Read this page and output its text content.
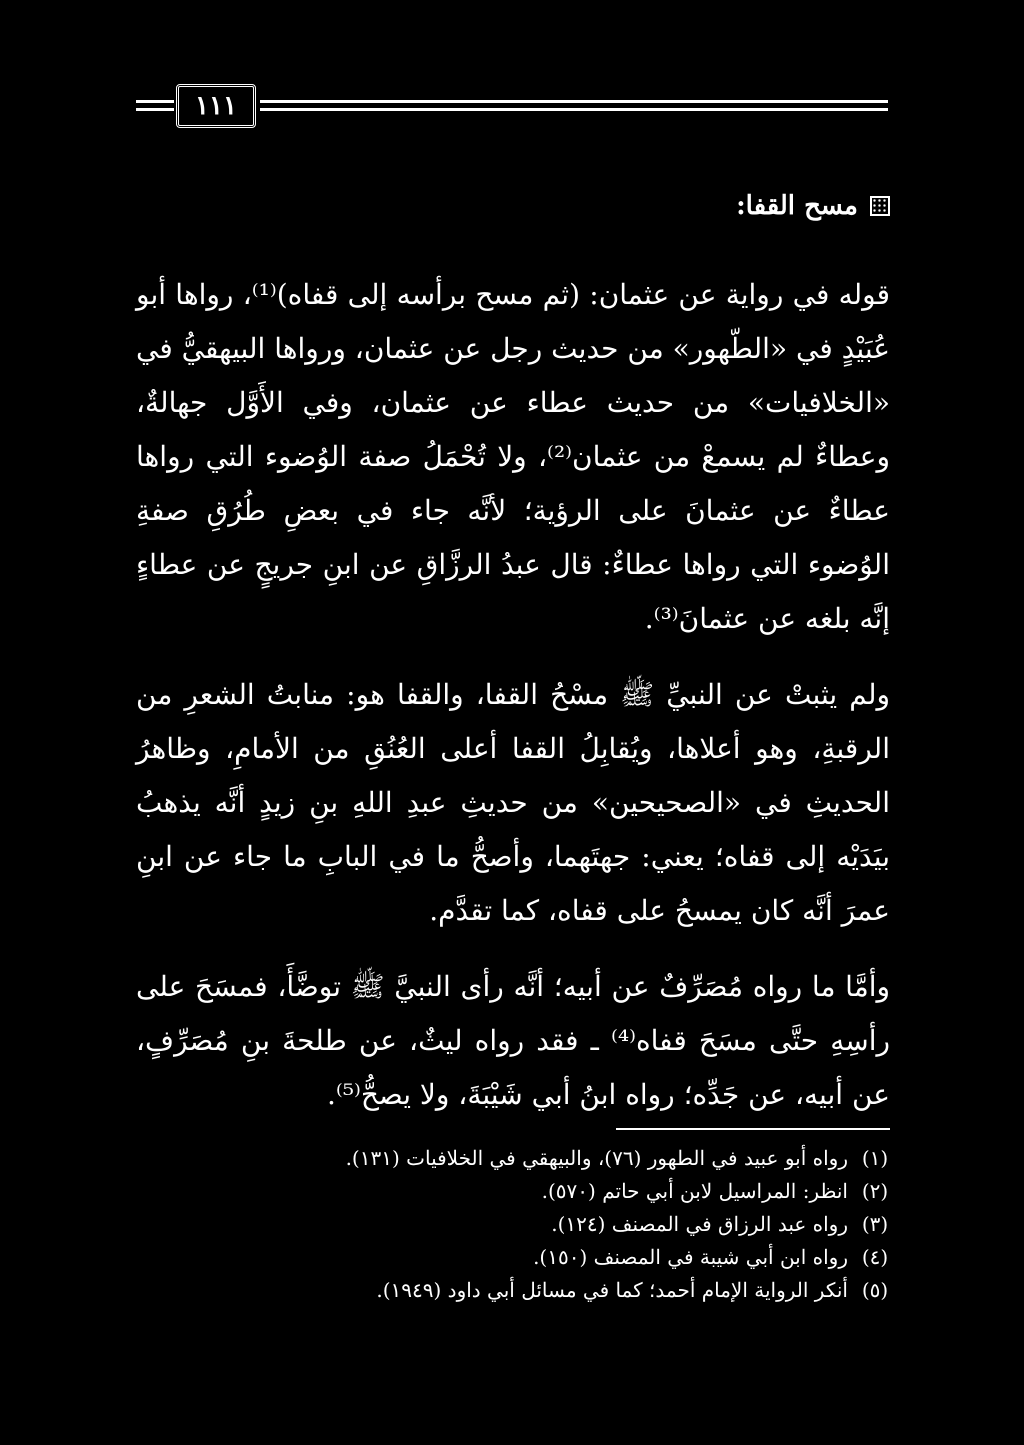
١١١
مسح القفا:

قوله في رواية عن عثمان: (ثم مسح برأسه إلى قفاه)⁽¹⁾، رواها أبو عُبَيْدٍ في «الطّهور» من حديث رجل عن عثمان، ورواها البيهقيُّ في «الخلافيات» من حديث عطاء عن عثمان، وفي الأَوَّل جهالةٌ، وعطاءٌ لم يسمعْ من عثمان⁽²⁾، ولا تُحْمَلُ صفة الوُضوء التي رواها عطاءٌ عن عثمانَ على الرؤية؛ لأنَّه جاء في بعضِ طُرُقِ صفةِ الوُضوء التي رواها عطاءٌ: قال عبدُ الرزَّاقِ عن ابنِ جريجٍ عن عطاءٍ إنَّه بلغه عن عثمانَ⁽³⁾.

ولم يثبتْ عن النبيِّ ﷺ مسْحُ القفا، والقفا هو: منابتُ الشعرِ من الرقبةِ، وهو أعلاها، ويُقابِلُ القفا أعلى العُنُقِ من الأمامِ، وظاهرُ الحديثِ في «الصحيحين» من حديثِ عبدِ اللهِ بنِ زيدٍ أنَّه يذهبُ بيَدَيْه إلى قفاه؛ يعني: جهتَهما، وأصحُّ ما في البابِ ما جاء عن ابنِ عمرَ أنَّه كان يمسحُ على قفاه، كما تقدَّم.

وأمَّا ما رواه مُصَرِّفٌ عن أبيه؛ أنَّه رأى النبيَّ ﷺ توضَّأَ، فمسَحَ على رأسِهِ حتَّى مسَحَ قفاه⁽⁴⁾ ـ فقد رواه ليثٌ، عن طلحةَ بنِ مُصَرِّفٍ، عن أبيه، عن جَدِّه؛ رواه ابنُ أبي شَيْبَةَ، ولا يصحُّ⁽⁵⁾.

(١)
رواه أبو عبيد في الطهور (٧٦)، والبيهقي في الخلافيات (١٣١).
(٢)
انظر: المراسيل لابن أبي حاتم (٥٧٠).
(٣)
رواه عبد الرزاق في المصنف (١٢٤).
(٤)
رواه ابن أبي شيبة في المصنف (١٥٠).
(٥)
أنكر الرواية الإمام أحمد؛ كما في مسائل أبي داود (١٩٤٩).
